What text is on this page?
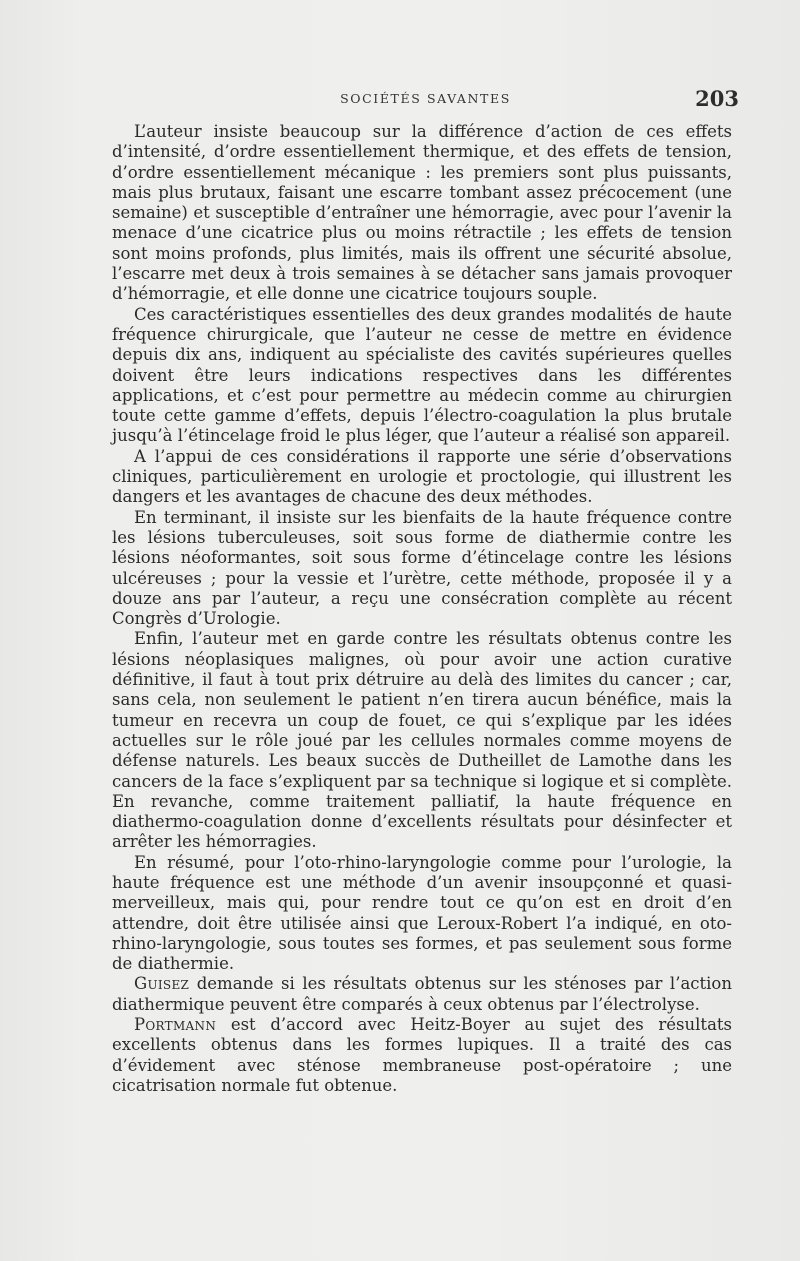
SOCIÉTÉS SAVANTES	203

L’auteur insiste beaucoup sur la différence d’action de ces effets d’intensité, d’ordre essentiellement thermique, et des effets de tension, d’ordre essentiellement mécanique : les premiers sont plus puissants, mais plus brutaux, faisant une escarre tombant assez précocement (une semaine) et susceptible d’entraîner une hémorragie, avec pour l’avenir la menace d’une cicatrice plus ou moins rétractile ; les effets de tension sont moins profonds, plus limités, mais ils offrent une sécurité absolue, l’escarre met deux à trois semaines à se détacher sans jamais provoquer d’hémorragie, et elle donne une cicatrice toujours souple.

Ces caractéristiques essentielles des deux grandes modalités de haute fréquence chirurgicale, que l’auteur ne cesse de mettre en évidence depuis dix ans, indiquent au spécialiste des cavités supérieures quelles doivent être leurs indications respectives dans les différentes applications, et c’est pour permettre au médecin comme au chirurgien toute cette gamme d’effets, depuis l’électro-coagulation la plus brutale jusqu’à l’étincelage froid le plus léger, que l’auteur a réalisé son appareil.

A l’appui de ces considérations il rapporte une série d’observations cliniques, particulièrement en urologie et proctologie, qui illustrent les dangers et les avantages de chacune des deux méthodes.

En terminant, il insiste sur les bienfaits de la haute fréquence contre les lésions tuberculeuses, soit sous forme de diathermie contre les lésions néoformantes, soit sous forme d’étincelage contre les lésions ulcéreuses ; pour la vessie et l’urètre, cette méthode, proposée il y a douze ans par l’auteur, a reçu une consécration complète au récent Congrès d’Urologie.

Enfin, l’auteur met en garde contre les résultats obtenus contre les lésions néoplasiques malignes, où pour avoir une action curative définitive, il faut à tout prix détruire au delà des limites du cancer ; car, sans cela, non seulement le patient n’en tirera aucun bénéfice, mais la tumeur en recevra un coup de fouet, ce qui s’explique par les idées actuelles sur le rôle joué par les cellules normales comme moyens de défense naturels. Les beaux succès de Dutheillet de Lamothe dans les cancers de la face s’expliquent par sa technique si logique et si complète. En revanche, comme traitement palliatif, la haute fréquence en diathermo-coagulation donne d’excellents résultats pour désinfecter et arrêter les hémorragies.

En résumé, pour l’oto-rhino-laryngologie comme pour l’urologie, la haute fréquence est une méthode d’un avenir insoupçonné et quasi-merveilleux, mais qui, pour rendre tout ce qu’on est en droit d’en attendre, doit être utilisée ainsi que Leroux-Robert l’a indiqué, en oto-rhino-laryngologie, sous toutes ses formes, et pas seulement sous forme de diathermie.

Guisez demande si les résultats obtenus sur les sténoses par l’action diathermique peuvent être comparés à ceux obtenus par l’électrolyse.

Portmann est d’accord avec Heitz-Boyer au sujet des résultats excellents obtenus dans les formes lupiques. Il a traité des cas d’évidement avec sténose membraneuse post-opératoire ; une cicatrisation normale fut obtenue.
